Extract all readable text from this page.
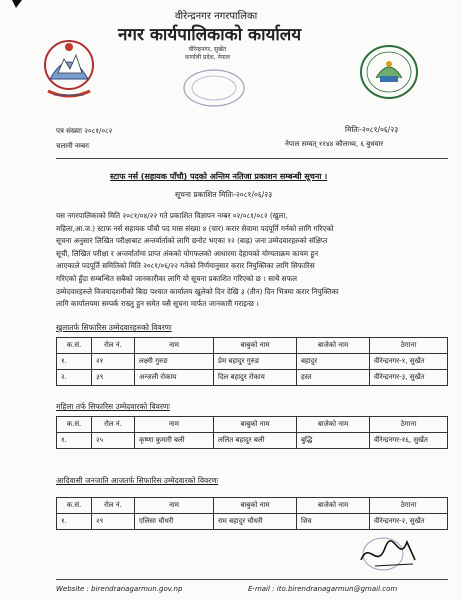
वीरेन्द्रनगर नगरपालिका
नगर कार्यपालिकाको कार्यालय
वीरेन्द्रनगर, सुर्खेत
कर्णाली प्रदेश, नेपाल
पत्र संख्याः २०८१/०८२
चलानी नम्बरः
मितिः-२०८१/०६/२३
नेपाल सम्वत् ११४४ कौलाथ्व, ६ बुधवार
स्टाफ नर्स (सहायक पाँचौ) पदको अन्तिम नतिजा प्रकाशन सम्बन्धी सूचना ।
सूचना प्रकाशित मितिः-२०८१/०६/२३
यस नगरपालिकाको मिति २०८१/०४/२२ गते प्रकाशित विज्ञापन नम्बर ०२/०८१/०८२ (खुला,
महिला,आ.ज.) स्टाफ नर्स सहायक पाँचौ पद मास संख्या ४ (चार) करार सेवामा पदपूर्ति गर्नको लागि गरिएको
सूचना अनुसार लिखित परीक्षाबाट अन्तर्वार्ताको लागि छनोट भएका १२ (बाह्र) जना उम्मेदवारहरुको संक्षिप्त
सूची, लिखित परीक्षा र अन्तर्वार्तामा प्राप्त अंकको योगफलको आधारमा देहायको योग्यताक्रम कायम हुन
आएकाले पदपूर्ति समितिको मिति २०८१/०६/२२ गतेको निर्णयानुसार करार नियुक्तिका लागि सिफारिस
गरिएको हुँदा सम्बन्धित सबैको जानकारीका लागि यो सूचना प्रकाशित गरिएको छ । साथै सफल
उम्मेदवारहरुले विजयादशमीको बिदा पश्चात कार्यालय खुलेको दिन देखि ३ (तीन) दिन भित्रमा करार नियुक्तिका
लागि कार्यालयमा सम्पर्क राख्नु हुन समेत यसै सूचना मार्फत जानकारी गराइन्छ ।
खुलातर्फ सिफारिस उम्मेदवारहरुको विवरणः
क.सं.	रोल नं.	नाम	बाबुको नाम	बाजेको नाम	ठेगाना
१.	२१	लक्ष्मी गुरुङ	प्रेम बहादुर गुरुङ	बहादुर	वीरेन्द्रनगर-१, सुर्खेत
२.	३९	अन्जली रोकाय	दिल बहादुर रोकाय	हस्त	वीरेन्द्रनगर-३, सुर्खेत
महिला तर्फ सिफारिस उम्मेदवारको विवरणः
क.सं.	रोल नं.	नाम	बाबुको नाम	बाजेको नाम	ठेगाना
१.	२५	कृष्णा कुमारी बली	ललित बहादुर बली	बुद्धि	वीरेन्द्रनगर-१६, सुर्खेत
आदिवासी जनजाति आजतर्फ सिफारिस उम्मेदवारको विवरणः
क.सं.	रोल नं.	नाम	बाबुको नाम	बाजेको नाम	ठेगाना
१.	२९	एलिसा चौधरी	राम बहादुर चौधरी	शिव	वीरेन्द्रनगर-२, सुर्खेत
Website : birendranagarmun.gov.np	E-mail : ito.birendranagarmun@gmail.com
